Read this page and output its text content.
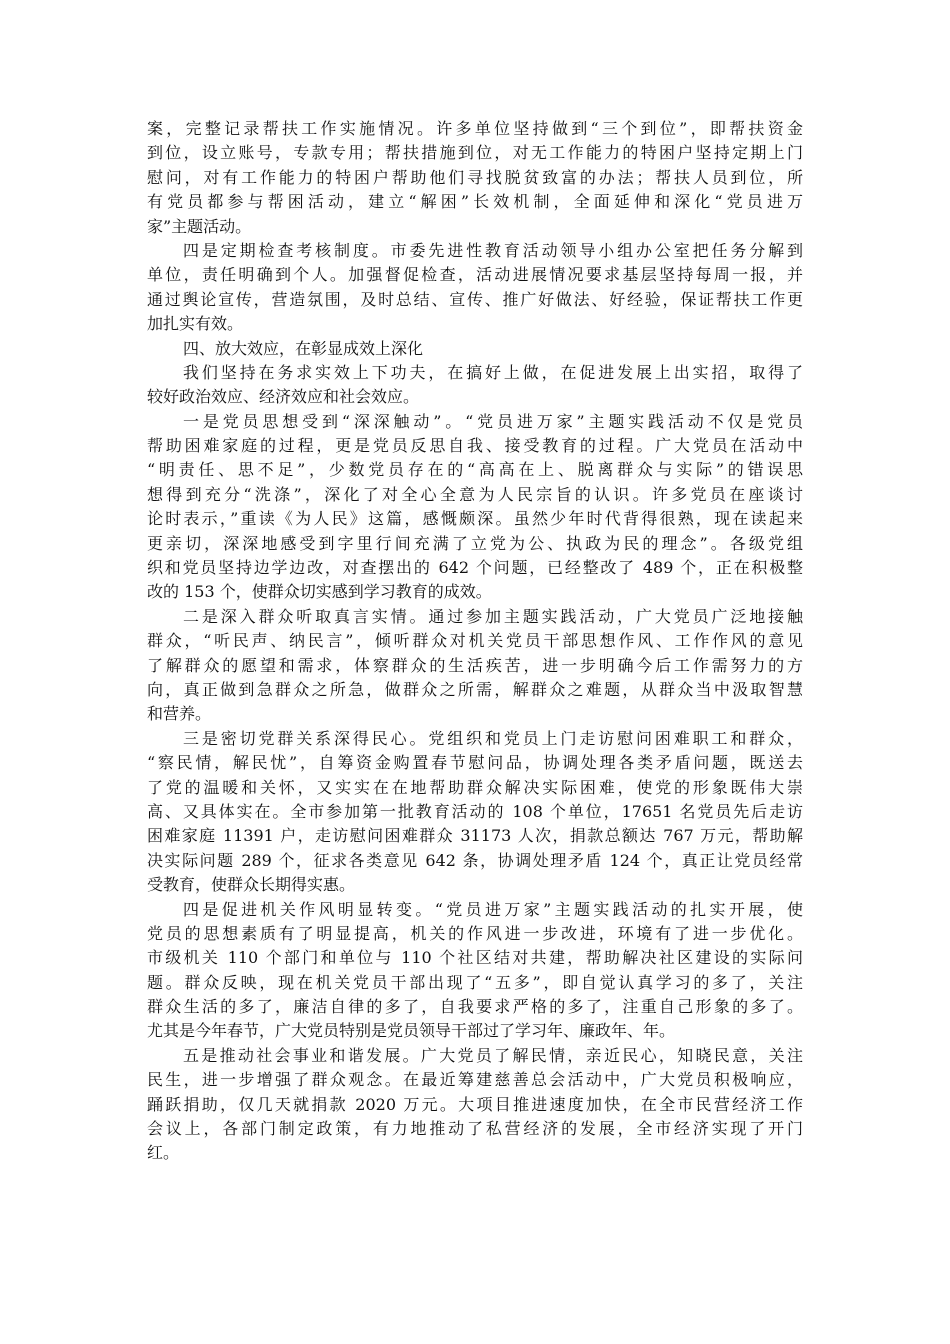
案，完整记录帮扶工作实施情况。许多单位坚持做到“三个到位”，即帮扶资金
到位，设立账号，专款专用；帮扶措施到位，对无工作能力的特困户坚持定期上门
慰问，对有工作能力的特困户帮助他们寻找脱贫致富的办法；帮扶人员到位，所
有党员都参与帮困活动，建立“解困”长效机制，全面延伸和深化“党员进万
家”主题活动。
四是定期检查考核制度。市委先进性教育活动领导小组办公室把任务分解到
单位，责任明确到个人。加强督促检查，活动进展情况要求基层坚持每周一报，并
通过舆论宣传，营造氛围，及时总结、宣传、推广好做法、好经验，保证帮扶工作更
加扎实有效。
四、放大效应，在彰显成效上深化
我们坚持在务求实效上下功夫，在搞好上做，在促进发展上出实招，取得了
较好政治效应、经济效应和社会效应。
一是党员思想受到“深深触动”。“党员进万家”主题实践活动不仅是党员
帮助困难家庭的过程，更是党员反思自我、接受教育的过程。广大党员在活动中
“明责任、思不足”，少数党员存在的“高高在上、脱离群众与实际”的错误思
想得到充分“洗涤”，深化了对全心全意为人民宗旨的认识。许多党员在座谈讨
论时表示，”重读《为人民》这篇，感慨颇深。虽然少年时代背得很熟，现在读起来
更亲切，深深地感受到字里行间充满了立党为公、执政为民的理念”。各级党组
织和党员坚持边学边改，对查摆出的 642 个问题，已经整改了 489 个，正在积极整
改的 153 个，使群众切实感到学习教育的成效。
二是深入群众听取真言实情。通过参加主题实践活动，广大党员广泛地接触
群众，“听民声、纳民言”，倾听群众对机关党员干部思想作风、工作作风的意见
了解群众的愿望和需求，体察群众的生活疾苦，进一步明确今后工作需努力的方
向，真正做到急群众之所急，做群众之所需，解群众之难题，从群众当中汲取智慧
和营养。
三是密切党群关系深得民心。党组织和党员上门走访慰问困难职工和群众，
“察民情，解民忧”，自筹资金购置春节慰问品，协调处理各类矛盾问题，既送去
了党的温暖和关怀，又实实在在地帮助群众解决实际困难，使党的形象既伟大崇
高、又具体实在。全市参加第一批教育活动的 108 个单位，17651 名党员先后走访
困难家庭 11391 户，走访慰问困难群众 31173 人次，捐款总额达 767 万元，帮助解
决实际问题 289 个，征求各类意见 642 条，协调处理矛盾 124 个，真正让党员经常
受教育，使群众长期得实惠。
四是促进机关作风明显转变。“党员进万家”主题实践活动的扎实开展，使
党员的思想素质有了明显提高，机关的作风进一步改进，环境有了进一步优化。
市级机关 110 个部门和单位与 110 个社区结对共建，帮助解决社区建设的实际问
题。群众反映，现在机关党员干部出现了“五多”，即自觉认真学习的多了，关注
群众生活的多了，廉洁自律的多了，自我要求严格的多了，注重自己形象的多了。
尤其是今年春节，广大党员特别是党员领导干部过了学习年、廉政年、年。
五是推动社会事业和谐发展。广大党员了解民情，亲近民心，知晓民意，关注
民生，进一步增强了群众观念。在最近筹建慈善总会活动中，广大党员积极响应，
踊跃捐助，仅几天就捐款 2020 万元。大项目推进速度加快，在全市民营经济工作
会议上，各部门制定政策，有力地推动了私营经济的发展，全市经济实现了开门
红。
